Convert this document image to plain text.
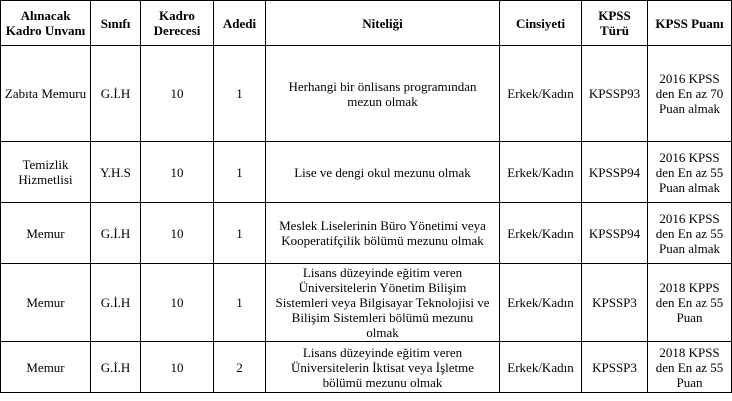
Alınacak Kadro Unvanı	Sınıfı	Kadro Derecesi	Adedi	Niteliği	Cinsiyeti	KPSS Türü	KPSS Puanı
Zabıta Memuru	G.İ.H	10	1	Herhangi bir önlisans programından mezun olmak	Erkek/Kadın	KPSSP93	2016 KPSS den En az 70 Puan almak
Temizlik Hizmetlisi	Y.H.S	10	1	Lise ve dengi okul mezunu olmak	Erkek/Kadın	KPSSP94	2016 KPSS den En az 55 Puan almak
Memur	G.İ.H	10	1	Meslek Liselerinin Büro Yönetimi veya Kooperatifçilik bölümü mezunu olmak	Erkek/Kadın	KPSSP94	2016 KPSS den En az 55 Puan almak
Memur	G.İ.H	10	1	Lisans düzeyinde eğitim veren Üniversitelerin Yönetim Bilişim Sistemleri veya Bilgisayar Teknolojisi ve Bilişim Sistemleri bölümü mezunu olmak	Erkek/Kadın	KPSSP3	2018 KPPS den En az 55 Puan
Memur	G.İ.H	10	2	Lisans düzeyinde eğitim veren Üniversitelerin İktisat veya İşletme bölümü mezunu olmak	Erkek/Kadın	KPSSP3	2018 KPSS den En az 55 Puan
